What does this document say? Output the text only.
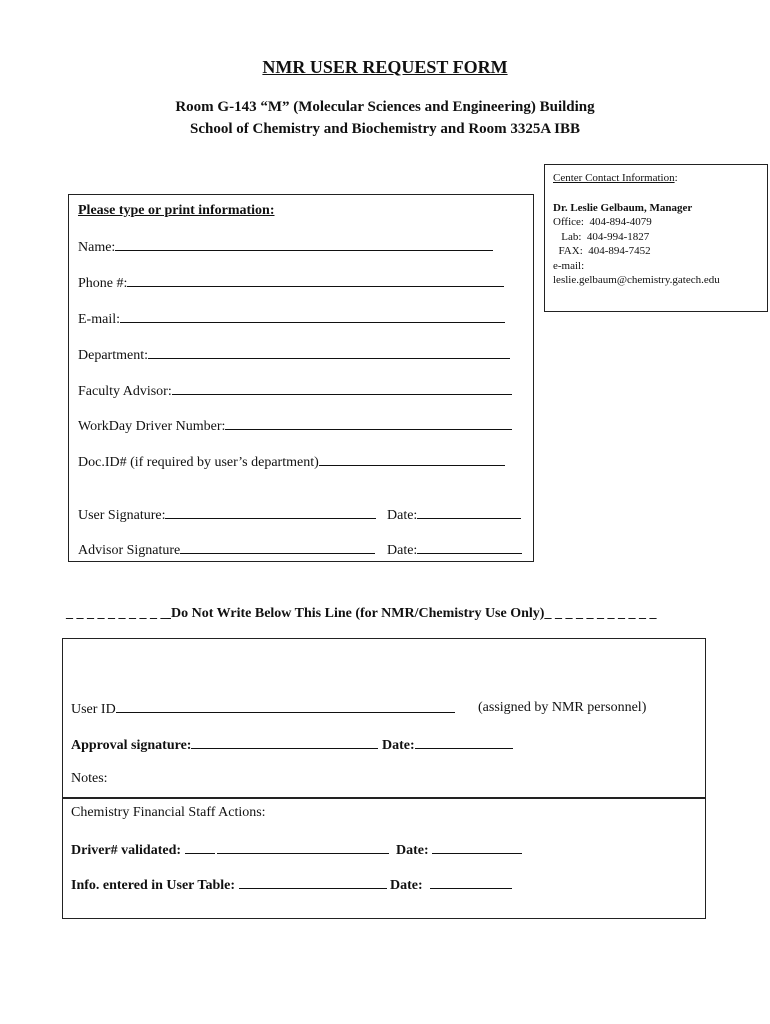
NMR USER REQUEST FORM
Room G-143 “M” (Molecular Sciences and Engineering) Building
School of Chemistry and Biochemistry and Room 3325A IBB
Center Contact Information:
Dr. Leslie Gelbaum, Manager
Office:  404-894-4079
Lab:  404-994-1827
FAX:  404-894-7452
e-mail:
leslie.gelbaum@chemistry.gatech.edu
Please type or print information:
Name:
Phone #:
E-mail:
Department:
Faculty Advisor:
WorkDay Driver Number:
Doc.ID# (if required by user’s department)
User Signature:	Date:
Advisor Signature	Date:
_ _ _ _ _ _ _ _ _ _ Do Not Write Below This Line (for NMR/Chemistry Use Only)_ _ _ _ _ _ _ _ _ _ _
User ID	(assigned by NMR personnel)
Approval signature:	Date:
Notes:
Chemistry Financial Staff Actions:
Driver# validated:	Date:
Info. entered in User Table:	Date:
